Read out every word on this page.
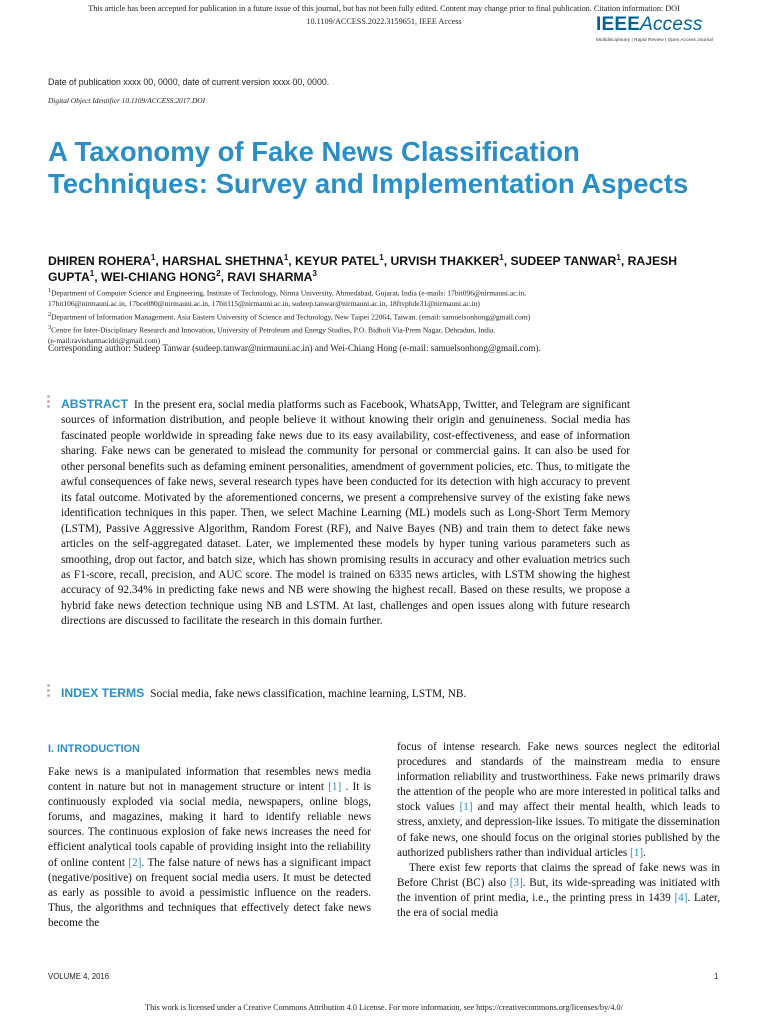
This article has been accepted for publication in a future issue of this journal, but has not been fully edited. Content may change prior to final publication. Citation information: DOI
10.1109/ACCESS.2022.3159651, IEEE Access	IEEEAccess
Multidisciplinary | Rapid Review | Open Access Journal
Date of publication xxxx 00, 0000, date of current version xxxx 00, 0000.
Digital Object Identifier 10.1109/ACCESS.2017.DOI
A Taxonomy of Fake News Classification Techniques: Survey and Implementation Aspects
DHIREN ROHERA$^1$, HARSHAL SHETHNA$^1$, KEYUR PATEL$^1$, URVISH THAKKER$^1$, SUDEEP TANWAR$^1$, RAJESH GUPTA$^1$, WEI-CHIANG HONG$^2$, RAVI SHARMA$^3$
$^1$Department of Computer Science and Engineering, Institute of Technology, Nirma University, Ahmedabad, Gujarat, India (e-mails: 17bit096@nirmauni.ac.in,
17bit106@nirmauni.ac.in, 17bce080@nirmauni.ac.in, 17bit115@nirmauni.ac.in, sudeep.tanwar@nirmauni.ac.in, 18ftvphde31@nirmauni.ac.in)
$^2$Department of Information Management, Asia Eastern University of Science and Technology, New Taipei 22064, Taiwan. (email: samuelsonhong@gmail.com)
$^3$Centre for Inter-Disciplinary Research and Innovation, University of Petroleum and Energy Studies, P.O. Bidholi Via-Prem Nagar, Dehradun, India.
(e-mail:ravisharmacidri@gmail.com)
Corresponding author: Sudeep Tanwar (sudeep.tanwar@nirmauni.ac.in) and Wei-Chiang Hong (e-mail: samuelsonhong@gmail.com).
ABSTRACT In the present era, social media platforms such as Facebook, WhatsApp, Twitter, and Telegram are significant sources of information distribution, and people believe it without knowing their origin and genuineness. Social media has fascinated people worldwide in spreading fake news due to its easy availability, cost-effectiveness, and ease of information sharing. Fake news can be generated to mislead the community for personal or commercial gains. It can also be used for other personal benefits such as defaming eminent personalities, amendment of government policies, etc. Thus, to mitigate the awful consequences of fake news, several research types have been conducted for its detection with high accuracy to prevent its fatal outcome. Motivated by the aforementioned concerns, we present a comprehensive survey of the existing fake news identification techniques in this paper. Then, we select Machine Learning (ML) models such as Long-Short Term Memory (LSTM), Passive Aggressive Algorithm, Random Forest (RF), and Naive Bayes (NB) and train them to detect fake news articles on the self-aggregated dataset. Later, we implemented these models by hyper tuning various parameters such as smoothing, drop out factor, and batch size, which has shown promising results in accuracy and other evaluation metrics such as F1-score, recall, precision, and AUC score. The model is trained on 6335 news articles, with LSTM showing the highest accuracy of 92.34% in predicting fake news and NB were showing the highest recall. Based on these results, we propose a hybrid fake news detection technique using NB and LSTM. At last, challenges and open issues along with future research directions are discussed to facilitate the research in this domain further.
INDEX TERMS Social media, fake news classification, machine learning, LSTM, NB.
I. INTRODUCTION

Fake news is a manipulated information that resembles news media content in nature but not in management structure or intent [1] . It is continuously exploded via social media, newspapers, online blogs, forums, and magazines, making it hard to identify reliable news sources. The continuous explosion of fake news increases the need for efficient analytical tools capable of providing insight into the reliability of online content [2]. The false nature of news has a significant impact (negative/positive) on frequent social media users. It must be detected as early as possible to avoid a pessimistic influence on the readers. Thus, the algorithms and techniques that effectively detect fake news become the

focus of intense research. Fake news sources neglect the editorial procedures and standards of the mainstream media to ensure information reliability and trustworthiness. Fake news primarily draws the attention of the people who are more interested in political talks and stock values [1] and may affect their mental health, which leads to stress, anxiety, and depression-like issues. To mitigate the dissemination of fake news, one should focus on the original stories published by the authorized publishers rather than individual articles [1].

There exist few reports that claims the spread of fake news was in Before Christ (BC) also [3]. But, its wide-spreading was initiated with the invention of print media, i.e., the printing press in 1439 [4]. Later, the era of social media

VOLUME 4, 2016	1
This work is licensed under a Creative Commons Attribution 4.0 License. For more information, see https://creativecommons.org/licenses/by/4.0/
